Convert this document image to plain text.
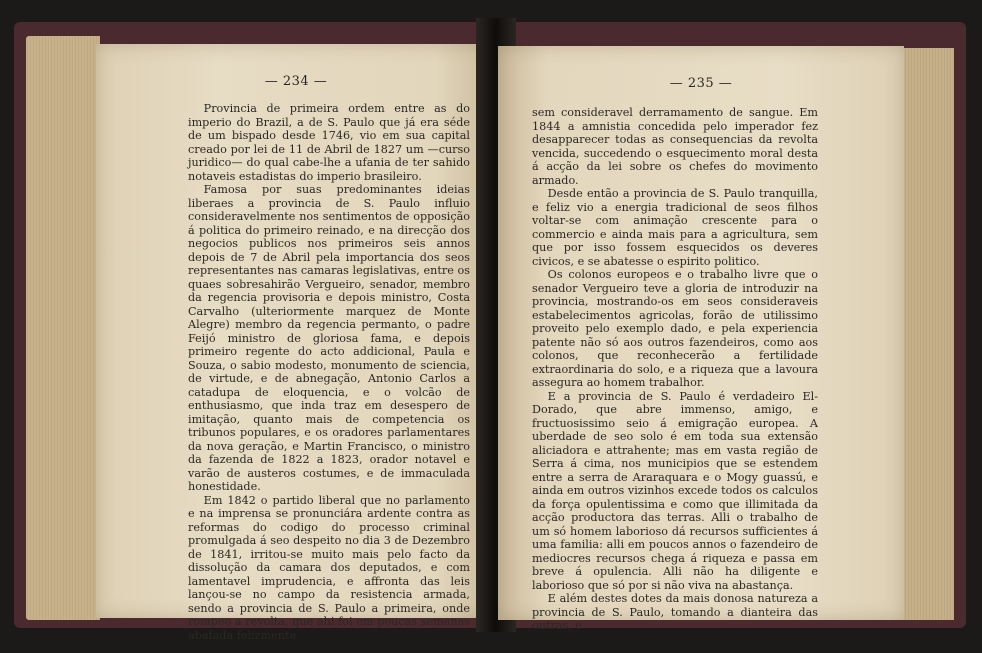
— 234 —

Provincia de primeira ordem entre as do imperio do Brazil, a de S. Paulo que já era séde de um bispado desde 1746, vio em sua capital creado por lei de 11 de Abril de 1827 um —curso juridico— do qual cabe-lhe a ufania de ter sahido notaveis estadistas do imperio brasileiro.

Famosa por suas predominantes ideias liberaes a provincia de S. Paulo influio consideravelmente nos sentimentos de opposição á politica do primeiro reinado, e na direcção dos negocios publicos nos primeiros seis annos depois de 7 de Abril pela importancia dos seos representantes nas camaras legislativas, entre os quaes sobresahirão Vergueiro, senador, membro da regencia provisoria e depois ministro, Costa Carvalho (ulteriormente marquez de Monte Alegre) membro da regencia permanto, o padre Feijó ministro de gloriosa fama, e depois primeiro regente do acto addicional, Paula e Souza, o sabio modesto, monumento de sciencia, de virtude, e de abnegação, Antonio Carlos a catadupa de eloquencia, e o volcão de enthusiasmo, que inda traz em desespero de imitação, quanto mais de competencia os tribunos populares, e os oradores parlamentares da nova geração, e Martin Francisco, o ministro da fazenda de 1822 a 1823, orador notavel e varão de austeros costumes, e de immaculada honestidade.

Em 1842 o partido liberal que no parlamento e na imprensa se pronunciára ardente contra as reformas do codigo do processo criminal promulgada á seo despeito no dia 3 de Dezembro de 1841, irritou-se muito mais pelo facto da dissolução da camara dos deputados, e com lamentavel imprudencia, e affronta das leis lançou-se no campo da resistencia armada, sendo a provincia de S. Paulo a primeira, onde rompeo a revolta, que ahi foi em poucas semanas abafada felizmente

— 235 —

sem consideravel derramamento de sangue. Em 1844 a amnistia concedida pelo imperador fez desapparecer todas as consequencias da revolta vencida, succedendo o esquecimento moral desta á acção da lei sobre os chefes do movimento armado.

Desde então a provincia de S. Paulo tranquilla, e feliz vio a energia tradicional de seos filhos voltar-se com animação crescente para o commercio e ainda mais para a agricultura, sem que por isso fossem esquecidos os deveres civicos, e se abatesse o espirito politico.

Os colonos europeos e o trabalho livre que o senador Vergueiro teve a gloria de introduzir na provincia, mostrando-os em seos consideraveis estabelecimentos agricolas, forão de utilissimo proveito pelo exemplo dado, e pela experiencia patente não só aos outros fazendeiros, como aos colonos, que reconhecerão a fertilidade extraordinaria do solo, e a riqueza que a lavoura assegura ao homem trabalhor.

E a provincia de S. Paulo é verdadeiro El-Dorado, que abre immenso, amigo, e fructuosissimo seio á emigração europea. A uberdade de seo solo é em toda sua extensão aliciadora e attrahente; mas em vasta região de Serra á cima, nos municipios que se estendem entre a serra de Araraquara e o Mogy guassú, e ainda em outros vizinhos excede todos os calculos da força opulentissima e como que illimitada da acção productora das terras. Alli o trabalho de um só homem laborioso dá recursos sufficientes á uma familia: alli em poucos annos o fazendeiro de mediocres recursos chega á riqueza e passa em breve á opulencia. Alli não ha diligente e laborioso que só por si não viva na abastança.

E além destes dotes da mais donosa natureza a provincia de S. Paulo, tomando a dianteira das outras, e
